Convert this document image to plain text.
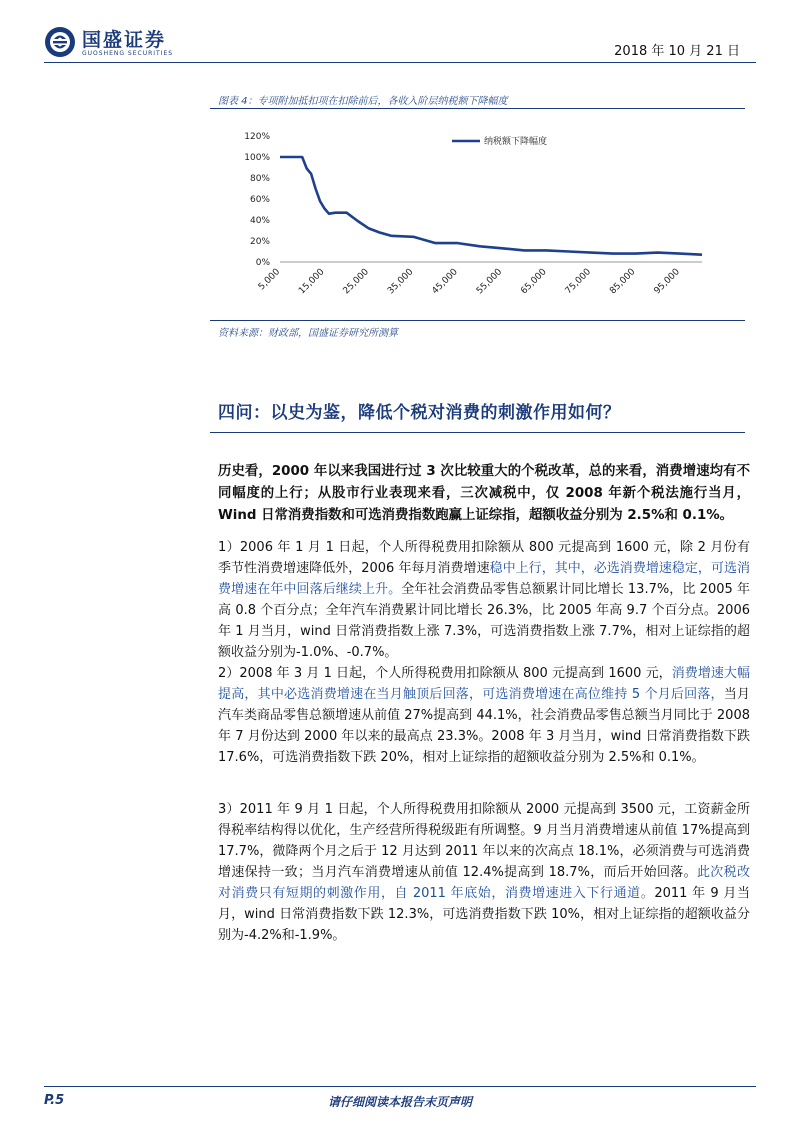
国盛证券
GUOSHENG SECURITIES	2018 年 10 月 21 日
图表 4：专项附加抵扣项在扣除前后，各收入阶层纳税额下降幅度
0%
20%
40%
60%
80%
100%
120%
5,000 15,000 25,000 35,000 45,000 55,000 65,000 75,000 85,000 95,000
纳税额下降幅度
资料来源：财政部，国盛证券研究所测算
四问：以史为鉴，降低个税对消费的刺激作用如何？
历史看，2000 年以来我国进行过 3 次比较重大的个税改革，总的来看，消费增速均有不同幅度的上行；从股市行业表现来看，三次减税中，仅 2008 年新个税法施行当月，Wind 日常消费指数和可选消费指数跑赢上证综指，超额收益分别为 2.5%和 0.1%。
1）2006 年 1 月 1 日起，个人所得税费用扣除额从 800 元提高到 1600 元，除 2 月份有季节性消费增速降低外，2006 年每月消费增速稳中上行，其中，必选消费增速稳定，可选消费增速在年中回落后继续上升。全年社会消费品零售总额累计同比增长 13.7%，比 2005 年高 0.8 个百分点；全年汽车消费累计同比增长 26.3%，比 2005 年高 9.7 个百分点。2006 年 1 月当月，wind 日常消费指数上涨 7.3%，可选消费指数上涨 7.7%，相对上证综指的超额收益分别为-1.0%、-0.7%。
2）2008 年 3 月 1 日起，个人所得税费用扣除额从 800 元提高到 1600 元，消费增速大幅提高，其中必选消费增速在当月触顶后回落，可选消费增速在高位维持 5 个月后回落，当月汽车类商品零售总额增速从前值 27%提高到 44.1%，社会消费品零售总额当月同比于 2008 年 7 月份达到 2000 年以来的最高点 23.3%。2008 年 3 月当月，wind 日常消费指数下跌 17.6%，可选消费指数下跌 20%，相对上证综指的超额收益分别为 2.5%和 0.1%。
3）2011 年 9 月 1 日起，个人所得税费用扣除额从 2000 元提高到 3500 元，工资薪金所得税率结构得以优化，生产经营所得税级距有所调整。9 月当月消费增速从前值 17%提高到 17.7%，微降两个月之后于 12 月达到 2011 年以来的次高点 18.1%，必须消费与可选消费增速保持一致；当月汽车消费增速从前值 12.4%提高到 18.7%，而后开始回落。此次税改对消费只有短期的刺激作用，自 2011 年底始，消费增速进入下行通道。2011 年 9 月当月，wind 日常消费指数下跌 12.3%，可选消费指数下跌 10%，相对上证综指的超额收益分别为-4.2%和-1.9%。
P.5	请仔细阅读本报告末页声明
